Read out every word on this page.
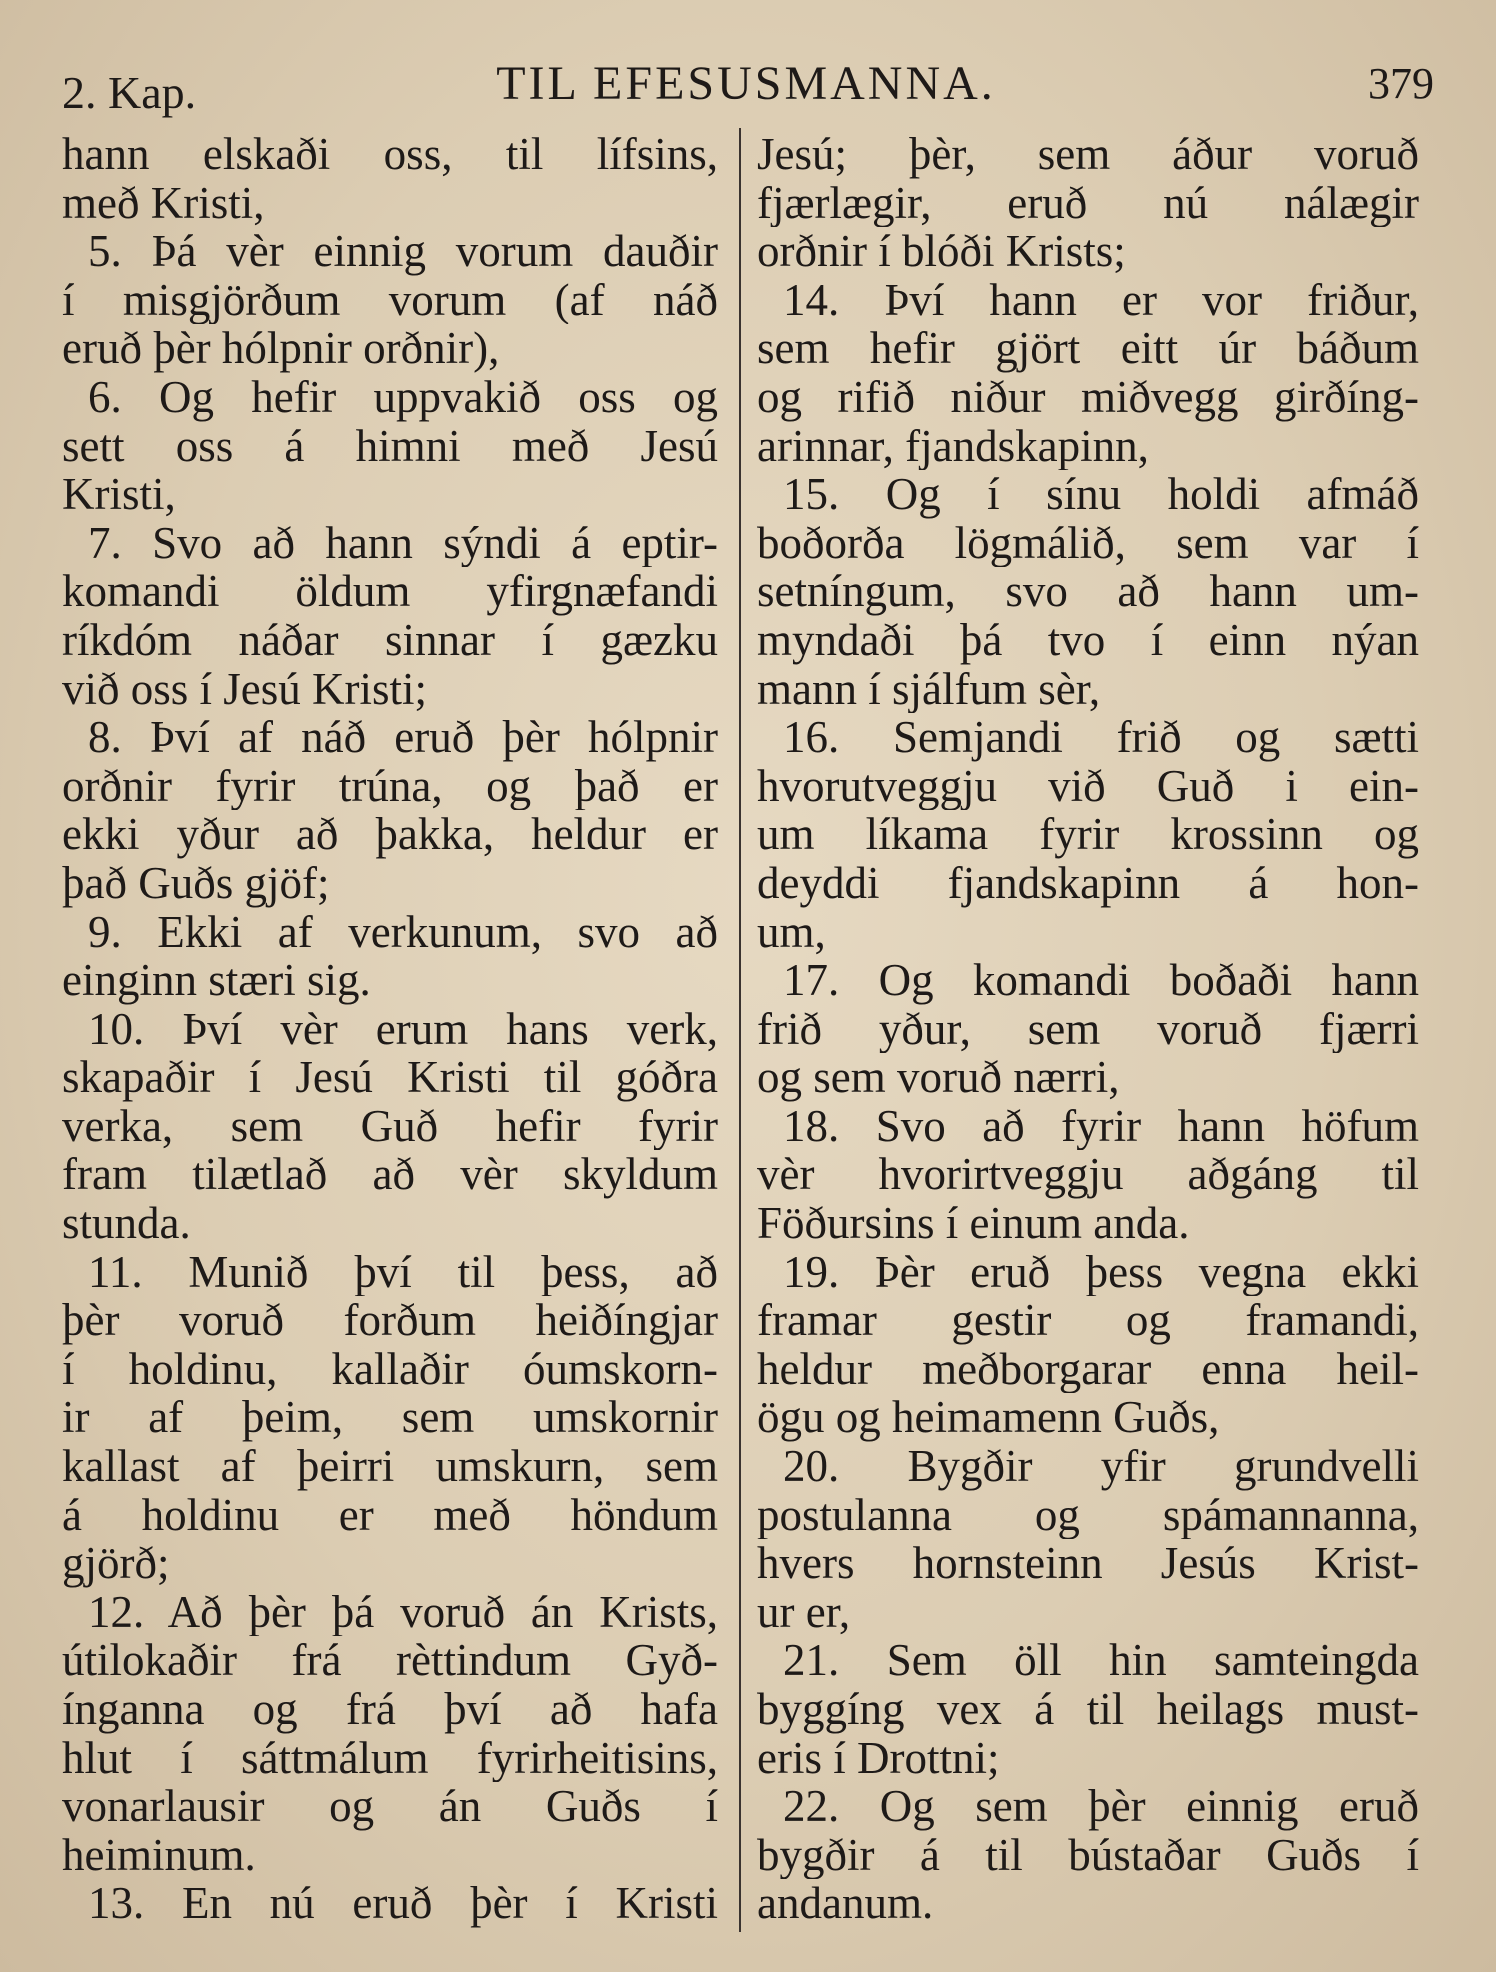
2. Kap.	TIL EFESUSMANNA.	379
hann elskaði oss, til lífsins,
með Kristi,
5. Þá vèr einnig vorum dauðir
í misgjörðum vorum (af náð
eruð þèr hólpnir orðnir),
6. Og hefir uppvakið oss og
sett oss á himni með Jesú
Kristi,
7. Svo að hann sýndi á eptir-
komandi öldum yfirgnæfandi
ríkdóm náðar sinnar í gæzku
við oss í Jesú Kristi;
8. Því af náð eruð þèr hólpnir
orðnir fyrir trúna, og það er
ekki yður að þakka, heldur er
það Guðs gjöf;
9. Ekki af verkunum, svo að
einginn stæri sig.
10. Því vèr erum hans verk,
skapaðir í Jesú Kristi til góðra
verka, sem Guð hefir fyrir
fram tilætlað að vèr skyldum
stunda.
11. Munið því til þess, að
þèr voruð forðum heiðíngjar
í holdinu, kallaðir óumskorn-
ir af þeim, sem umskornir
kallast af þeirri umskurn, sem
á holdinu er með höndum
gjörð;
12. Að þèr þá voruð án Krists,
útilokaðir frá rèttindum Gyð-
ínganna og frá því að hafa
hlut í sáttmálum fyrirheitisins,
vonarlausir og án Guðs í
heiminum.
13. En nú eruð þèr í Kristi
Jesú; þèr, sem áður voruð
fjærlægir, eruð nú nálægir
orðnir í blóði Krists;
14. Því hann er vor friður,
sem hefir gjört eitt úr báðum
og rifið niður miðvegg girðíng-
arinnar, fjandskapinn,
15. Og í sínu holdi afmáð
boðorða lögmálið, sem var í
setníngum, svo að hann um-
myndaði þá tvo í einn nýan
mann í sjálfum sèr,
16. Semjandi frið og sætti
hvorutveggju við Guð i ein-
um líkama fyrir krossinn og
deyddi fjandskapinn á hon-
um,
17. Og komandi boðaði hann
frið yður, sem voruð fjærri
og sem voruð nærri,
18. Svo að fyrir hann höfum
vèr hvorirtveggju aðgáng til
Föðursins í einum anda.
19. Þèr eruð þess vegna ekki
framar gestir og framandi,
heldur meðborgarar enna heil-
ögu og heimamenn Guðs,
20. Bygðir yfir grundvelli
postulanna og spámannanna,
hvers hornsteinn Jesús Krist-
ur er,
21. Sem öll hin samteingda
byggíng vex á til heilags must-
eris í Drottni;
22. Og sem þèr einnig eruð
bygðir á til bústaðar Guðs í
andanum.
